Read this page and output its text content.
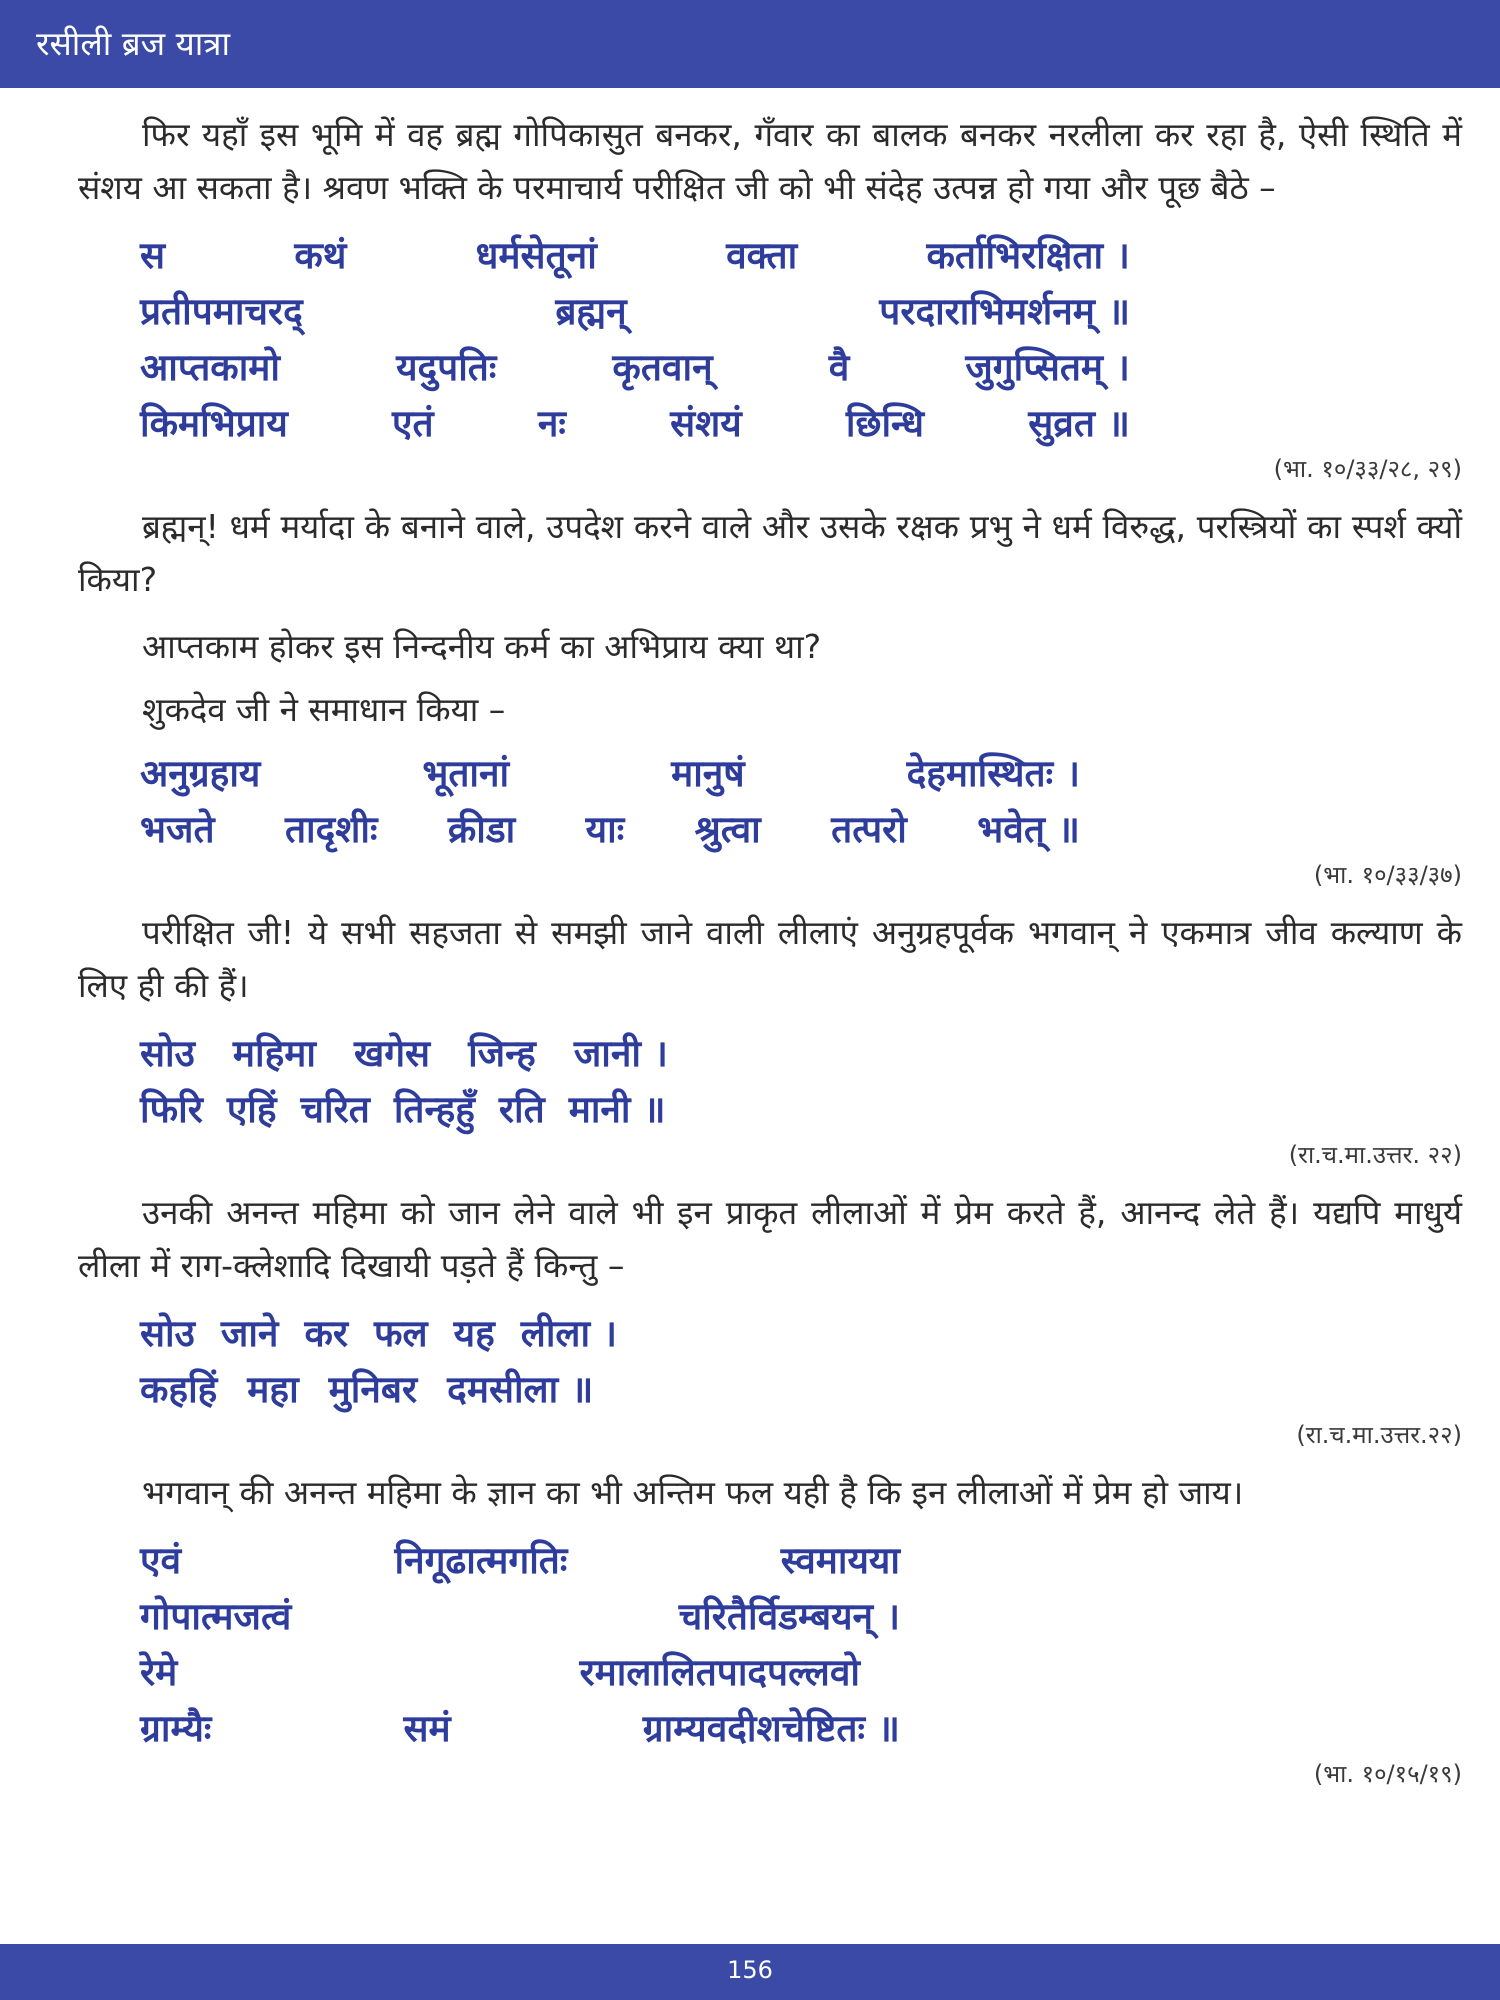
रसीली ब्रज यात्रा

फिर यहाँ इस भूमि में वह ब्रह्म गोपिकासुत बनकर, गँवार का बालक बनकर नरलीला कर रहा है, ऐसी स्थिति में संशय आ सकता है। श्रवण भक्ति के परमाचार्य परीक्षित जी को भी संदेह उत्पन्न हो गया और पूछ बैठे –

स	कथं	धर्मसेतूनां	वक्ता	कर्ताभिरक्षिता ।
प्रतीपमाचरद्	ब्रह्मन्	परदाराभिमर्शनम् ॥
आप्तकामो	यदुपतिः	कृतवान्	वै	जुगुप्सितम् ।
किमभिप्राय	एतं	नः	संशयं	छिन्धि	सुव्रत ॥
(भा. १०/३३/२८, २९)

ब्रह्मन्! धर्म मर्यादा के बनाने वाले, उपदेश करने वाले और उसके रक्षक प्रभु ने धर्म विरुद्ध, परस्त्रियों का स्पर्श क्यों किया?

आप्तकाम होकर इस निन्दनीय कर्म का अभिप्राय क्या था?

शुकदेव जी ने समाधान किया –

अनुग्रहाय	भूतानां	मानुषं	देहमास्थितः ।
भजते तादृशीः क्रीडा याः श्रुत्वा तत्परो भवेत् ॥
(भा. १०/३३/३७)

परीक्षित जी! ये सभी सहजता से समझी जाने वाली लीलाएं अनुग्रहपूर्वक भगवान् ने एकमात्र जीव कल्याण के लिए ही की हैं।

सोउ महिमा खगेस जिन्ह जानी ।
फिरि एहिं चरित तिन्हहुँ रति मानी ॥
(रा.च.मा.उत्तर. २२)

उनकी अनन्त महिमा को जान लेने वाले भी इन प्राकृत लीलाओं में प्रेम करते हैं, आनन्द लेते हैं। यद्यपि माधुर्य लीला में राग-क्लेशादि दिखायी पड़ते हैं किन्तु –

सोउ जाने कर फल यह लीला ।
कहहिं महा मुनिबर दमसीला ॥
(रा.च.मा.उत्तर.२२)

भगवान् की अनन्त महिमा के ज्ञान का भी अन्तिम फल यही है कि इन लीलाओं में प्रेम हो जाय।

एवं	निगूढात्मगतिः	स्वमायया
गोपात्मजत्वं	चरितैर्विडम्बयन् ।
रेमे	रमालालितपादपल्लवो
ग्राम्यैः	समं	ग्राम्यवदीशचेष्टितः ॥
(भा. १०/१५/१९)
156
